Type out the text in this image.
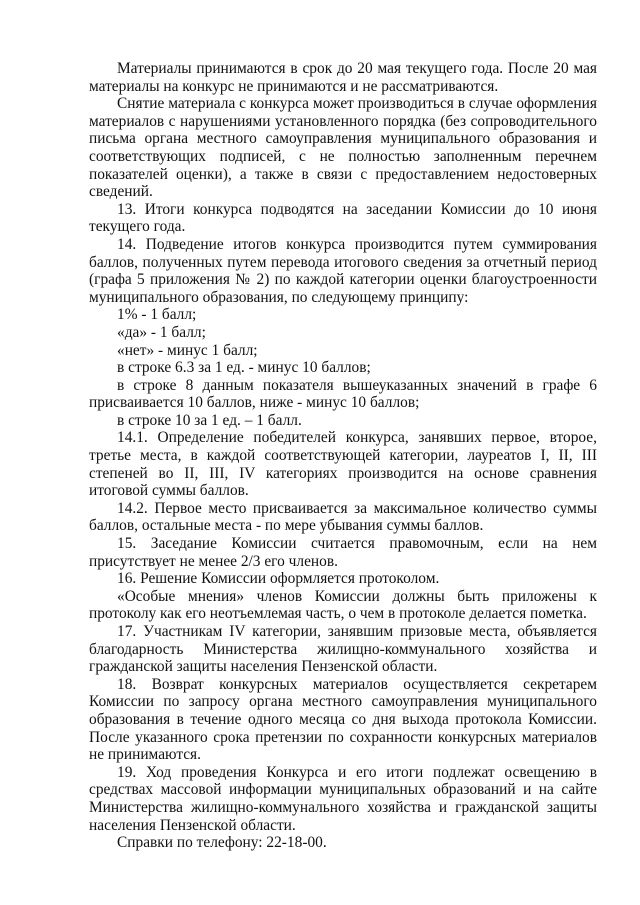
Материалы принимаются в срок до 20 мая текущего года. После 20 мая материалы на конкурс не принимаются и не рассматриваются.

Снятие материала с конкурса может производиться в случае оформления материалов с нарушениями установленного порядка (без сопроводительного письма органа местного самоуправления муниципального образования и соответствующих подписей, с не полностью заполненным перечнем показателей оценки), а также в связи с предоставлением недостоверных сведений.

13. Итоги конкурса подводятся на заседании Комиссии до 10 июня текущего года.

14. Подведение итогов конкурса производится путем суммирования баллов, полученных путем перевода итогового сведения за отчетный период (графа 5 приложения № 2) по каждой категории оценки благоустроенности муниципального образования, по следующему принципу:

1% - 1 балл;

«да» - 1 балл;

«нет» - минус 1 балл;

в строке 6.3 за 1 ед. - минус 10 баллов;

в строке 8 данным показателя вышеуказанных значений в графе 6 присваивается 10 баллов, ниже - минус 10 баллов;

в строке 10 за 1 ед. – 1 балл.

14.1. Определение победителей конкурса, занявших первое, второе, третье места, в каждой соответствующей категории, лауреатов I, II, III степеней во II, III, IV категориях производится на основе сравнения итоговой суммы баллов.

14.2. Первое место присваивается за максимальное количество суммы баллов, остальные места - по мере убывания суммы баллов.

15. Заседание Комиссии считается правомочным, если на нем присутствует не менее 2/3 его членов.

16. Решение Комиссии оформляется протоколом.

«Особые мнения» членов Комиссии должны быть приложены к протоколу как его неотъемлемая часть, о чем в протоколе делается пометка.

17. Участникам IV категории, занявшим призовые места, объявляется благодарность Министерства жилищно-коммунального хозяйства и гражданской защиты населения Пензенской области.

18. Возврат конкурсных материалов осуществляется секретарем Комиссии по запросу органа местного самоуправления муниципального образования в течение одного месяца со дня выхода протокола Комиссии. После указанного срока претензии по сохранности конкурсных материалов не принимаются.

19. Ход проведения Конкурса и его итоги подлежат освещению в средствах массовой информации муниципальных образований и на сайте Министерства жилищно-коммунального хозяйства и гражданской защиты населения Пензенской области.

Справки по телефону: 22-18-00.
